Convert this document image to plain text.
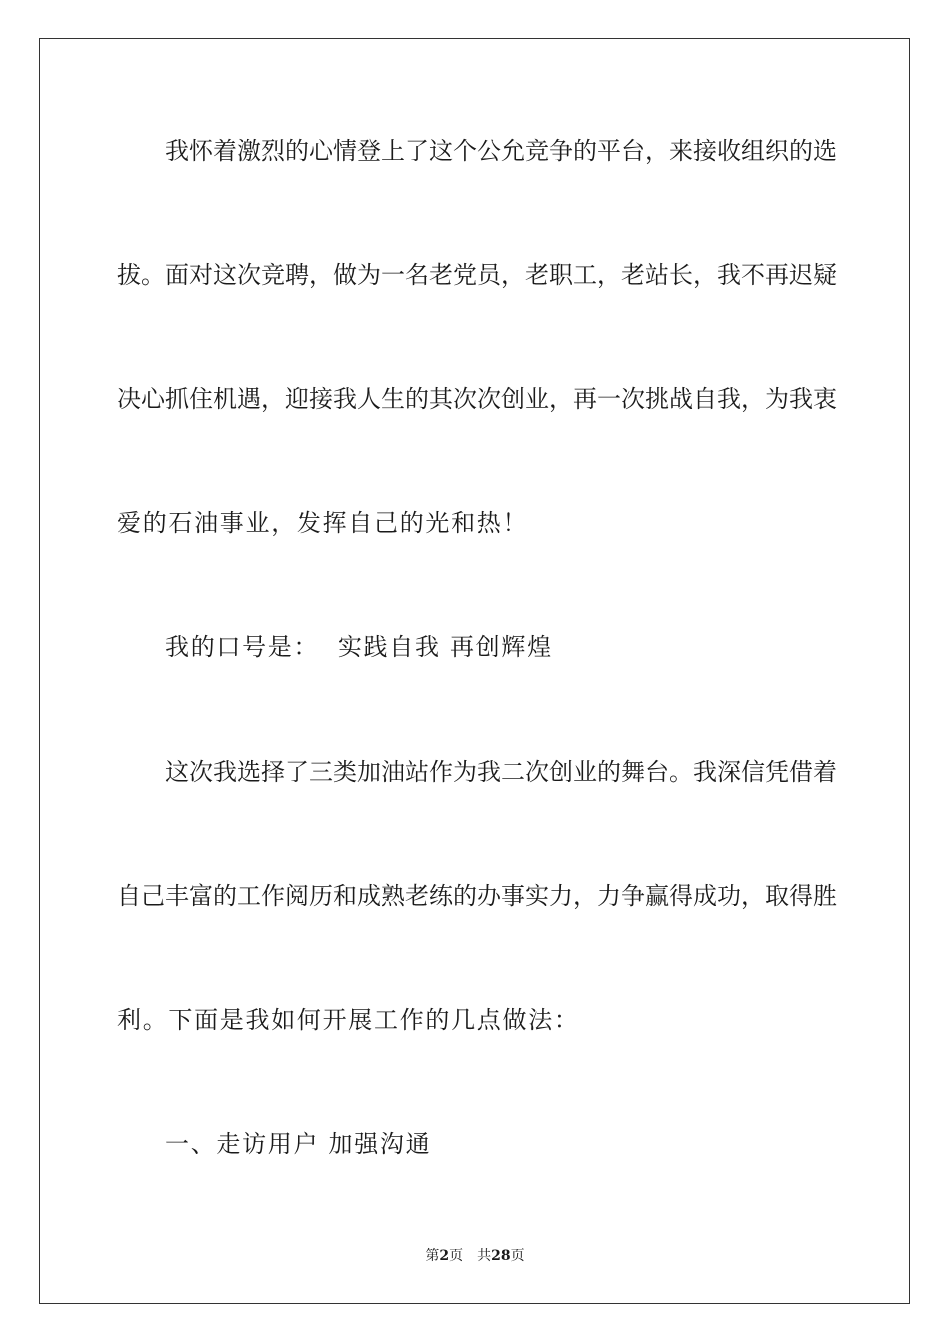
我怀着激烈的心情登上了这个公允竞争的平台，来接收组织的选
拔。面对这次竞聘，做为一名老党员，老职工，老站长，我不再迟疑
决心抓住机遇，迎接我人生的其次次创业，再一次挑战自我，为我衷
爱的石油事业，发挥自己的光和热！
我的口号是：  实践自我 再创辉煌
这次我选择了三类加油站作为我二次创业的舞台。我深信凭借着
自己丰富的工作阅历和成熟老练的办事实力，力争赢得成功，取得胜
利。下面是我如何开展工作的几点做法：
一、走访用户 加强沟通
第2页 共28页
